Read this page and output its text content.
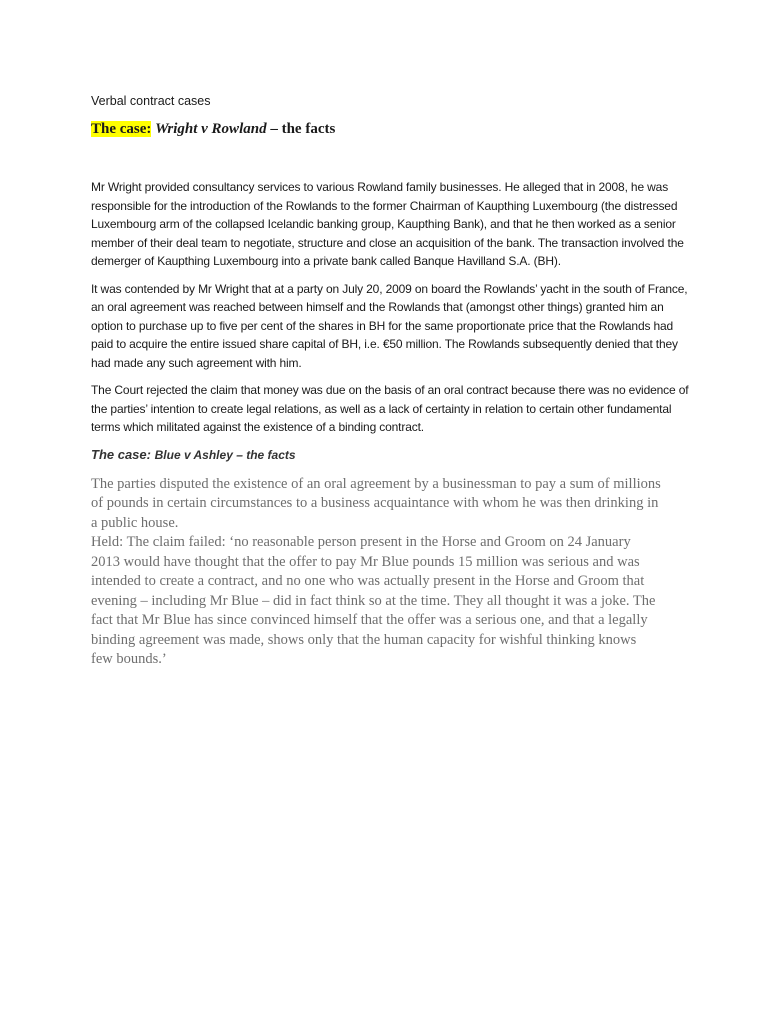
Verbal contract cases
The case: Wright v Rowland – the facts

Mr Wright provided consultancy services to various Rowland family businesses. He alleged that in 2008, he was responsible for the introduction of the Rowlands to the former Chairman of Kaupthing Luxembourg (the distressed Luxembourg arm of the collapsed Icelandic banking group, Kaupthing Bank), and that he then worked as a senior member of their deal team to negotiate, structure and close an acquisition of the bank. The transaction involved the demerger of Kaupthing Luxembourg into a private bank called Banque Havilland S.A. (BH).

It was contended by Mr Wright that at a party on July 20, 2009 on board the Rowlands’ yacht in the south of France, an oral agreement was reached between himself and the Rowlands that (amongst other things) granted him an option to purchase up to five per cent of the shares in BH for the same proportionate price that the Rowlands had paid to acquire the entire issued share capital of BH, i.e. €50 million. The Rowlands subsequently denied that they had made any such agreement with him.

The Court rejected the claim that money was due on the basis of an oral contract because there was no evidence of the parties’ intention to create legal relations, as well as a lack of certainty in relation to certain other fundamental terms which militated against the existence of a binding contract.

The case: Blue v Ashley – the facts

The parties disputed the existence of an oral agreement by a businessman to pay a sum of millions of pounds in certain circumstances to a business acquaintance with whom he was then drinking in a public house.

Held: The claim failed: ‘no reasonable person present in the Horse and Groom on 24 January 2013 would have thought that the offer to pay Mr Blue pounds 15 million was serious and was intended to create a contract, and no one who was actually present in the Horse and Groom that evening – including Mr Blue – did in fact think so at the time. They all thought it was a joke. The fact that Mr Blue has since convinced himself that the offer was a serious one, and that a legally binding agreement was made, shows only that the human capacity for wishful thinking knows few bounds.’
